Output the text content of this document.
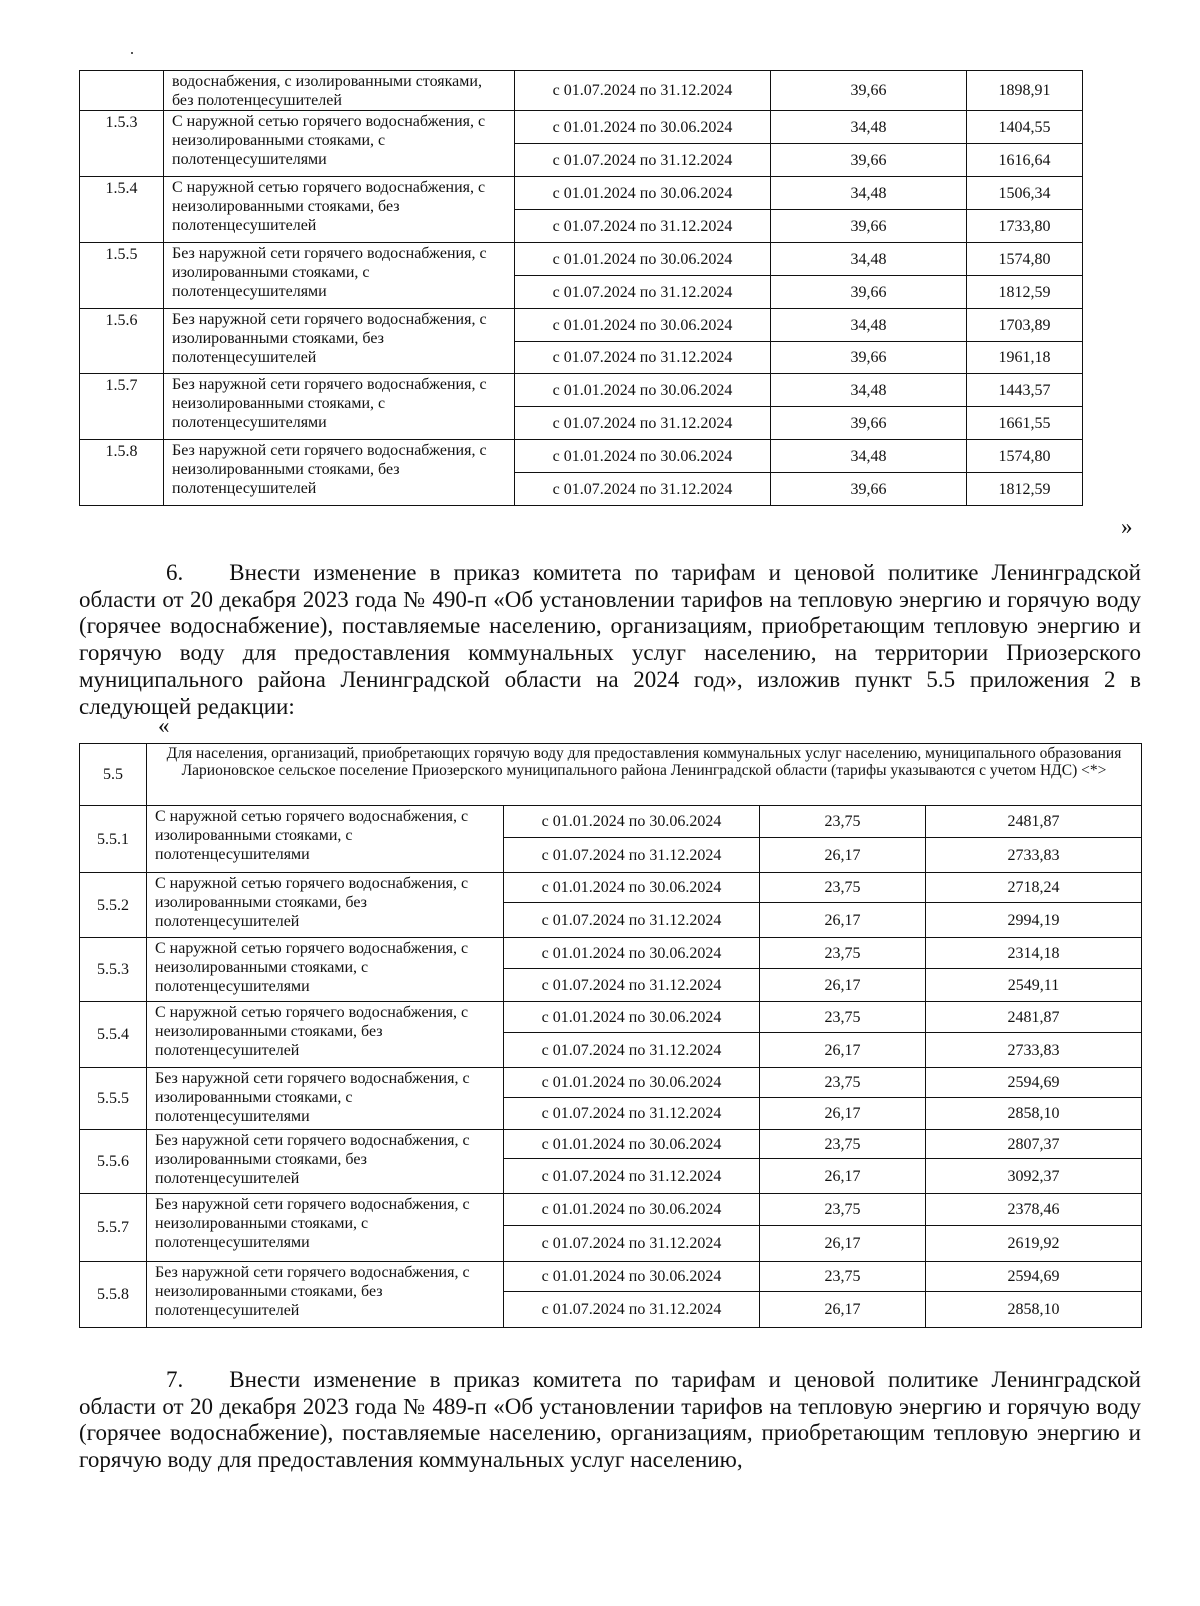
	водоснабжения, с изолированными стояками, без полотенцесушителей	с 01.07.2024 по 31.12.2024	39,66	1898,91
1.5.3	С наружной сетью горячего водоснабжения, с неизолированными стояками, с полотенцесушителями	с 01.01.2024 по 30.06.2024	34,48	1404,55
		с 01.07.2024 по 31.12.2024	39,66	1616,64
1.5.4	С наружной сетью горячего водоснабжения, с неизолированными стояками, без полотенцесушителей	с 01.01.2024 по 30.06.2024	34,48	1506,34
		с 01.07.2024 по 31.12.2024	39,66	1733,80
1.5.5	Без наружной сети горячего водоснабжения, с изолированными стояками, с полотенцесушителями	с 01.01.2024 по 30.06.2024	34,48	1574,80
		с 01.07.2024 по 31.12.2024	39,66	1812,59
1.5.6	Без наружной сети горячего водоснабжения, с изолированными стояками, без полотенцесушителей	с 01.01.2024 по 30.06.2024	34,48	1703,89
		с 01.07.2024 по 31.12.2024	39,66	1961,18
1.5.7	Без наружной сети горячего водоснабжения, с неизолированными стояками, с полотенцесушителями	с 01.01.2024 по 30.06.2024	34,48	1443,57
		с 01.07.2024 по 31.12.2024	39,66	1661,55
1.5.8	Без наружной сети горячего водоснабжения, с неизолированными стояками, без полотенцесушителей	с 01.01.2024 по 30.06.2024	34,48	1574,80
		с 01.07.2024 по 31.12.2024	39,66	1812,59
»
6.  Внести изменение в приказ комитета по тарифам и ценовой политике Ленинградской области от 20 декабря 2023 года № 490-п «Об установлении тарифов на тепловую энергию и горячую воду (горячее водоснабжение), поставляемые населению, организациям, приобретающим тепловую энергию и горячую воду для предоставления коммунальных услуг населению, на территории Приозерского муниципального района Ленинградской области на 2024 год», изложив пункт 5.5 приложения 2 в следующей редакции:
«
5.5	Для населения, организаций, приобретающих горячую воду для предоставления коммунальных услуг населению, муниципального образования Ларионовское сельское поселение Приозерского муниципального района Ленинградской области (тарифы указываются с учетом НДС) <*>			
5.5.1	С наружной сетью горячего водоснабжения, с изолированными стояками, с полотенцесушителями	с 01.01.2024 по 30.06.2024	23,75	2481,87
		с 01.07.2024 по 31.12.2024	26,17	2733,83
5.5.2	С наружной сетью горячего водоснабжения, с изолированными стояками, без полотенцесушителей	с 01.01.2024 по 30.06.2024	23,75	2718,24
		с 01.07.2024 по 31.12.2024	26,17	2994,19
5.5.3	С наружной сетью горячего водоснабжения, с неизолированными стояками, с полотенцесушителями	с 01.01.2024 по 30.06.2024	23,75	2314,18
		с 01.07.2024 по 31.12.2024	26,17	2549,11
5.5.4	С наружной сетью горячего водоснабжения, с неизолированными стояками, без полотенцесушителей	с 01.01.2024 по 30.06.2024	23,75	2481,87
		с 01.07.2024 по 31.12.2024	26,17	2733,83
5.5.5	Без наружной сети горячего водоснабжения, с изолированными стояками, с полотенцесушителями	с 01.01.2024 по 30.06.2024	23,75	2594,69
		с 01.07.2024 по 31.12.2024	26,17	2858,10
5.5.6	Без наружной сети горячего водоснабжения, с изолированными стояками, без полотенцесушителей	с 01.01.2024 по 30.06.2024	23,75	2807,37
		с 01.07.2024 по 31.12.2024	26,17	3092,37
5.5.7	Без наружной сети горячего водоснабжения, с неизолированными стояками, с полотенцесушителями	с 01.01.2024 по 30.06.2024	23,75	2378,46
		с 01.07.2024 по 31.12.2024	26,17	2619,92
5.5.8	Без наружной сети горячего водоснабжения, с неизолированными стояками, без полотенцесушителей	с 01.01.2024 по 30.06.2024	23,75	2594,69
		с 01.07.2024 по 31.12.2024	26,17	2858,10
7.  Внести изменение в приказ комитета по тарифам и ценовой политике Ленинградской области от 20 декабря 2023 года № 489-п «Об установлении тарифов на тепловую энергию и горячую воду (горячее водоснабжение), поставляемые населению, организациям, приобретающим тепловую энергию и горячую воду для предоставления коммунальных услуг населению,
